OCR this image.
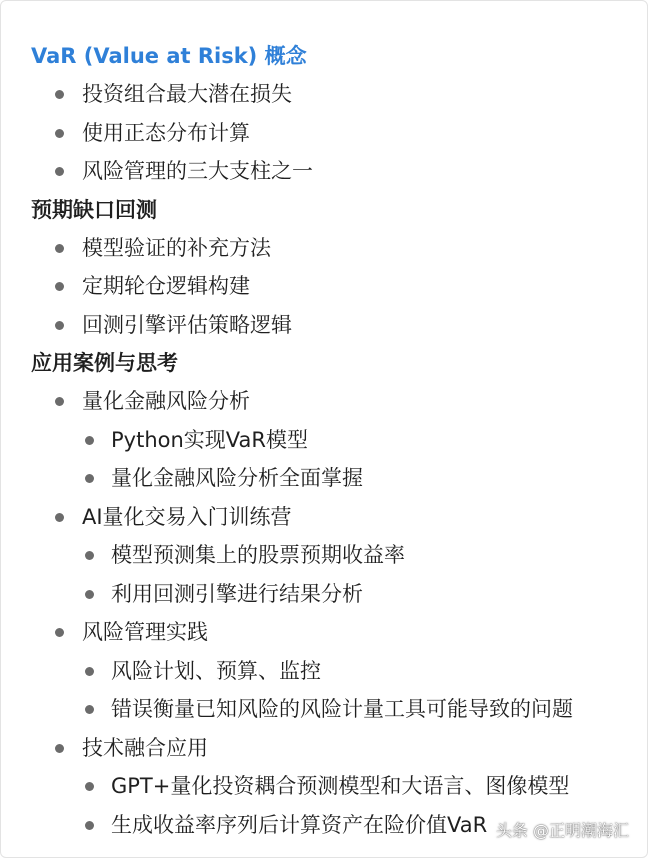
VaR (Value at Risk) 概念
投资组合最大潜在损失
使用正态分布计算
风险管理的三大支柱之一
预期缺口回测
模型验证的补充方法
定期轮仓逻辑构建
回测引擎评估策略逻辑
应用案例与思考
量化金融风险分析
Python实现VaR模型
量化金融风险分析全面掌握
AI量化交易入门训练营
模型预测集上的股票预期收益率
利用回测引擎进行结果分析
风险管理实践
风险计划、预算、监控
错误衡量已知风险的风险计量工具可能导致的问题
技术融合应用
GPT+量化投资耦合预测模型和大语言、图像模型
生成收益率序列后计算资产在险价值VaR 头条 @正明潮海汇
